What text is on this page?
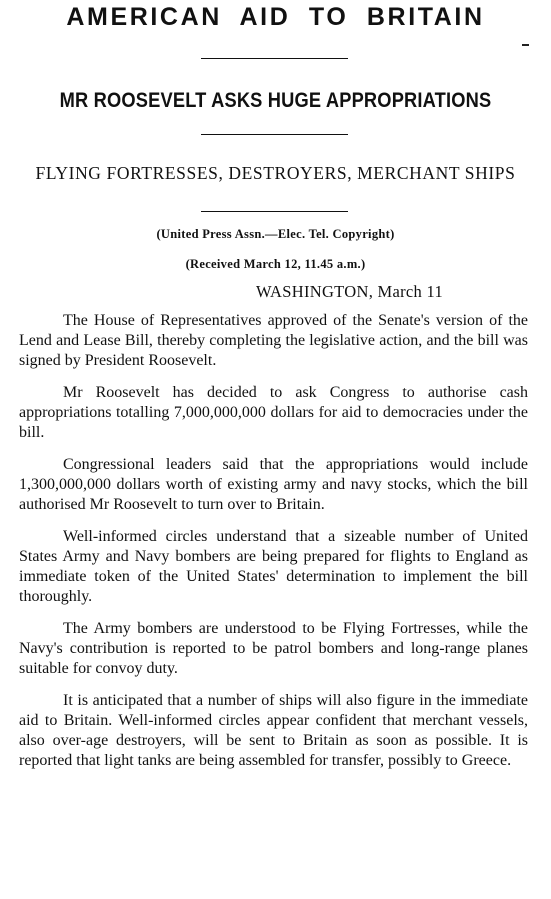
AMERICAN AID TO BRITAIN
MR ROOSEVELT ASKS HUGE APPROPRIATIONS
FLYING FORTRESSES, DESTROYERS, MERCHANT SHIPS
(United Press Assn.—Elec. Tel. Copyright)
(Received March 12, 11.45 a.m.)
WASHINGTON, March 11

The House of Representatives approved of the Senate's version of the Lend and Lease Bill, thereby completing the legislative action, and the bill was signed by President Roosevelt.

Mr Roosevelt has decided to ask Congress to authorise cash appropriations totalling 7,000,000,000 dollars for aid to democracies under the bill.

Congressional leaders said that the appropriations would include 1,300,000,000 dollars worth of existing army and navy stocks, which the bill authorised Mr Roosevelt to turn over to Britain.

Well-informed circles understand that a sizeable number of United States Army and Navy bombers are being prepared for flights to England as immediate token of the United States' determination to implement the bill thoroughly.

The Army bombers are understood to be Flying Fortresses, while the Navy's contribution is reported to be patrol bombers and long-range planes suitable for convoy duty.

It is anticipated that a number of ships will also figure in the immediate aid to Britain. Well-informed circles appear confident that merchant vessels, also over-age destroyers, will be sent to Britain as soon as possible. It is reported that light tanks are being assembled for transfer, possibly to Greece.
